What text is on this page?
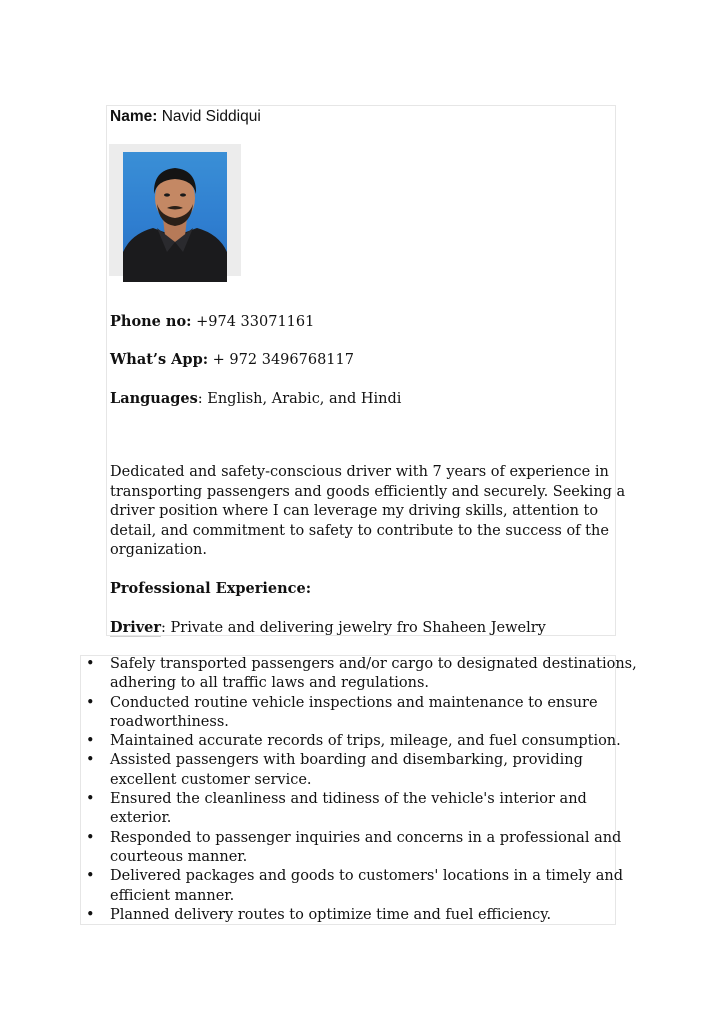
Name: Navid Siddiqui
Phone no: +974 33071161
What’s App: + 972 3496768117
Languages: English, Arabic, and Hindi
Dedicated and safety-conscious driver with 7 years of experience in
transporting passengers and goods efficiently and securely. Seeking a
driver position where I can leverage my driving skills, attention to
detail, and commitment to safety to contribute to the success of the
organization.
Professional Experience:
Driver: Private and delivering jewelry fro Shaheen Jewelry
•	Safely transported passengers and/or cargo to designated destinations,
adhering to all traffic laws and regulations.
•	Conducted routine vehicle inspections and maintenance to ensure
roadworthiness.
•	Maintained accurate records of trips, mileage, and fuel consumption.
•	Assisted passengers with boarding and disembarking, providing
excellent customer service.
•	Ensured the cleanliness and tidiness of the vehicle's interior and
exterior.
•	Responded to passenger inquiries and concerns in a professional and
courteous manner.
•	Delivered packages and goods to customers' locations in a timely and
efficient manner.
•	Planned delivery routes to optimize time and fuel efficiency.
